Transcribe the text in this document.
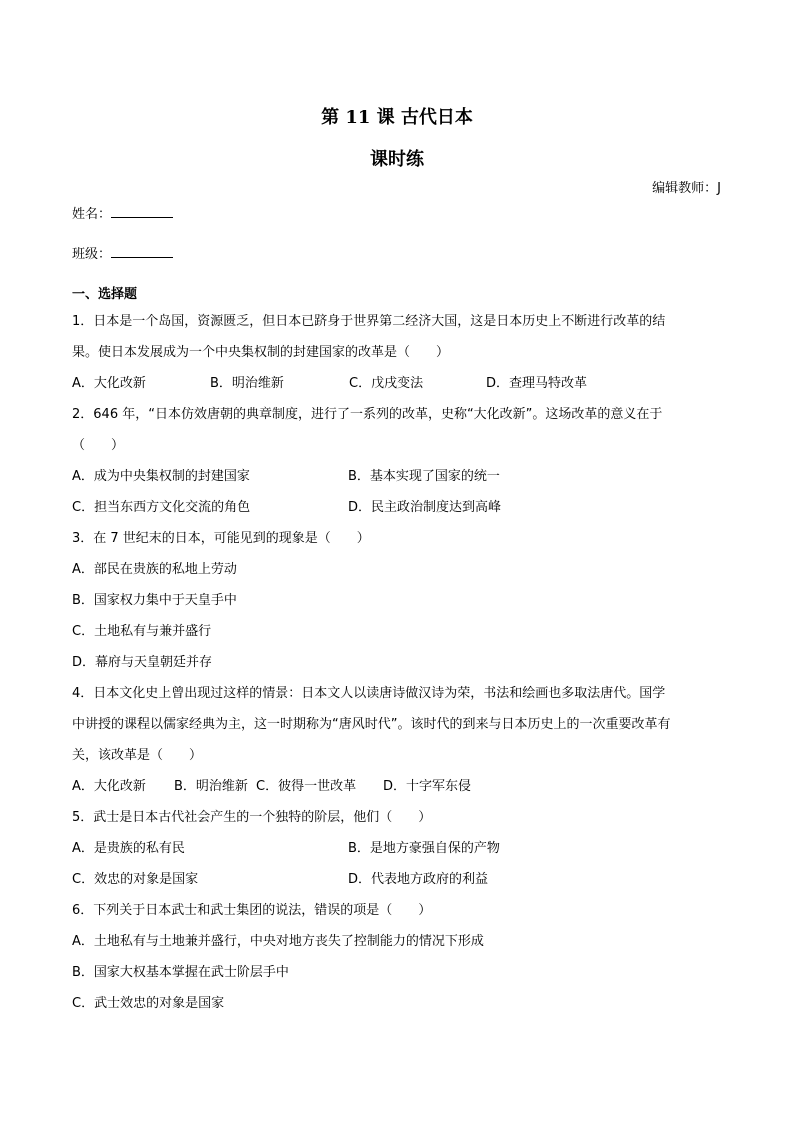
第 11 课 古代日本
课时练
编辑教师：J
姓名：
班级：
一、选择题
1．日本是一个岛国，资源匮乏，但日本已跻身于世界第二经济大国，这是日本历史上不断进行改革的结
果。使日本发展成为一个中央集权制的封建国家的改革是（　　）
A．大化改新	B．明治维新	C．戊戌变法	D．查理马特改革
2．646 年，“日本仿效唐朝的典章制度，进行了一系列的改革，史称“大化改新”。这场改革的意义在于
（　　）
A．成为中央集权制的封建国家	B．基本实现了国家的统一
C．担当东西方文化交流的角色	D．民主政治制度达到高峰
3．在 7 世纪末的日本，可能见到的现象是（　　）
A．部民在贵族的私地上劳动
B．国家权力集中于天皇手中
C．土地私有与兼并盛行
D．幕府与天皇朝廷并存
4．日本文化史上曾出现过这样的情景：日本文人以读唐诗做汉诗为荣，书法和绘画也多取法唐代。国学
中讲授的课程以儒家经典为主，这一时期称为“唐风时代”。该时代的到来与日本历史上的一次重要改革有
关，该改革是（　　）
A．大化改新	B．明治维新 C．彼得一世改革	D．十字军东侵
5．武士是日本古代社会产生的一个独特的阶层，他们（　　）
A．是贵族的私有民	B．是地方豪强自保的产物
C．效忠的对象是国家	D．代表地方政府的利益
6．下列关于日本武士和武士集团的说法，错误的项是（　　）
A．土地私有与土地兼并盛行，中央对地方丧失了控制能力的情况下形成
B．国家大权基本掌握在武士阶层手中
C．武士效忠的对象是国家
